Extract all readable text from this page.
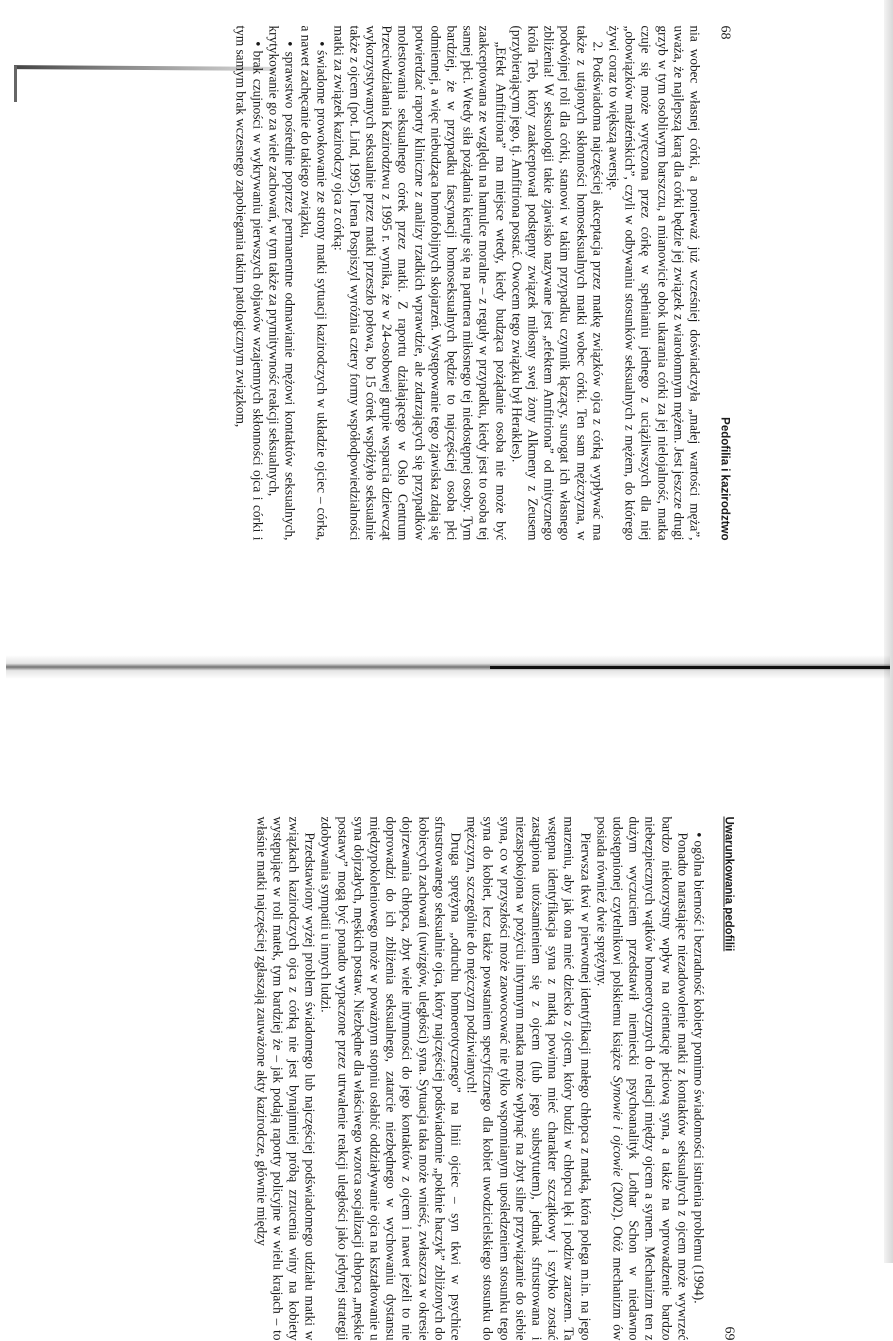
68
Pedofilia i kazirodztwo

nia wobec własnej córki, a ponieważ już wcześniej doświadczyła „małej wartości męża”, uważa, że najlepszą karą dla córki będzie jej związek z wiarołomnym mężem. Jest jeszcze drugi grzyb w tym osobliwym barszczu, a mianowicie obok ukarania córki za jej nielojalność, matka czuje się może wyręczona przez córkę w spełnianiu jednego z uciążliwszych dla niej „obowiązków małżeńskich”, czyli w odbywaniu stosunków seksualnych z mężem, do którego żywi coraz to większą awersję.

2. Podświadoma najczęściej akceptacja przez matkę związków ojca z córką wypływać ma także z utajonych skłonności homoseksualnych matki wobec córki. Ten sam mężczyzna, w podwójnej roli dla córki, stanowi w takim przypadku czynnik łączący, surogat ich własnego zbliżenia! W seksuologii takie zjawisko nazywane jest „efektem Amfitriona” od mitycznego króla Teb, który zaakceptował podstępny związek miłosny swej żony Alkmeny z Zeusem (przybierającym jego, tj. Amfitriona postać. Owocem tego związku był Herakles).

„Efekt Amfitriona” ma miejsce wtedy, kiedy budząca pożądanie osoba nie może być zaakceptowana ze względu na hamulce moralne – z reguły w przypadku, kiedy jest to osoba tej samej płci. Wtedy siła pożądania kieruje się na partnera miłosnego tej niedostępnej osoby. Tym bardziej, że w przypadku fascynacji homoseksualnych będzie to najczęściej osoba płci odmiennej, a więc niebudząca homofobijnych skojarzeń. Występowanie tego zjawiska zdają się potwierdzać raporty kliniczne z analizy rzadkich wprawdzie, ale zdarzających się przypadków molestowania seksualnego córek przez matki. Z raportu działającego w Oslo Centrum Przeciwdziałania Kazirodztwu z 1995 r. wynika, że w 24-osobowej grupie wsparcia dziewcząt wykorzystywanych seksualnie przez matki przeszło połowa, bo 15 córek współżyło seksualnie także z ojcem (pot. Lind, 1995). Irena Pospiszyl wyróżnia cztery formy współodpowiedzialności matki za związek kazirodczy ojca z córką:

• świadome prowokowanie ze strony matki sytuacji kazirodczych w układzie ojciec – córka, a nawet zachęcanie do takiego związku,

• sprawstwo pośrednie poprzez permanentne odmawianie mężowi kontaktów seksualnych, krytykowanie go za wiele zachowań, w tym także za prymitywność reakcji seksualnych,

• brak czujności w wykrywaniu pierwszych objawów wzajemnych skłonności ojca i córki i tym samym brak wczesnego zapobiegania takim patologicznym związkom,

Uwarunkowania pedofilii
69

• ogólna bierność i bezradność kobiety pomimo świadomości istnienia problemu (1994).

Ponadto narastające niezadowolenie matki z kontaktów seksualnych z ojcem może wywrzeć bardzo niekorzystny wpływ na orientację płciową syna, a także na wprowadzenie bardzo niebezpiecznych wątków homoerotycznych do relacji między ojcem a synem. Mechanizm ten z dużym wyczuciem przedstawił niemiecki psychoanalityk Lothar Schon w niedawno udostępnionej czytelnikowi polskiemu książce Synowie i ojcowie (2002). Otóż mechanizm ów posiada również dwie sprężyny.

Pierwsza tkwi w pierwotnej identyfikacji małego chłopca z matką, która polega m.in. na jego marzeniu, aby jak ona mieć dziecko z ojcem, który budzi w chłopcu lęk i podziw zarazem. Ta wstępna identyfikacja syna z matką powinna mieć charakter szczątkowy i szybko zostać zastąpiona utożsamieniem się z ojcem (lub jego substytutem), jednak sfrustrowana i niezaspokojona w pożyciu intymnym matka może wpłynąć na zbyt silne przywiązanie do siebie syna, co w przyszłości może zaowocować nie tylko wspomnianym upośledzeniem stosunku tego syna do kobiet, lecz także powstaniem specyficznego dla kobiet uwodzicielskiego stosunku do mężczyzn, szczególnie do mężczyzn podziwianych!

Druga sprężyna „odruchu homoerotycznego” na linii ojciec – syn tkwi w psychice sfrustrowanego seksualnie ojca, który najczęściej podświadomie „pokłnie haczyk” zbliżonych do kobiecych zachowań (uwizgów, uległości) syna. Sytuacja taka może wnieść, zwłaszcza w okresie dojrzewania chłopca, zbyt wiele intymności do jego kontaktów z ojcem i nawet jeżeli to nie doprowadzi do ich zbliżenia seksualnego, zatarcie niezbędnego w wychowaniu dystansu międzypokoleniowego może w poważnym stopniu osłabić oddziaływanie ojca na kształtowanie u syna dojrzałych, męskich postaw. Niezbędne dla właściwego wzorca socjalizacji chłopca „męskie postawy” mogą być ponadto wypaczone przez utrwalenie reakcji uległości jako jedynej strategii zdobywania sympatii u innych ludzi.

Przedstawiony wyżej problem świadomego lub najczęściej podświadomego udziału matki w związkach kazirodczych ojca z córką nie jest bynajmniej próbą zrzucenia winy na kobiety występujące w roli matek, tym bardziej że – jak podają raporty policyjne w wielu krajach – to właśnie matki najczęściej zgłaszają zauważone akty kazirodcze, głównie między
